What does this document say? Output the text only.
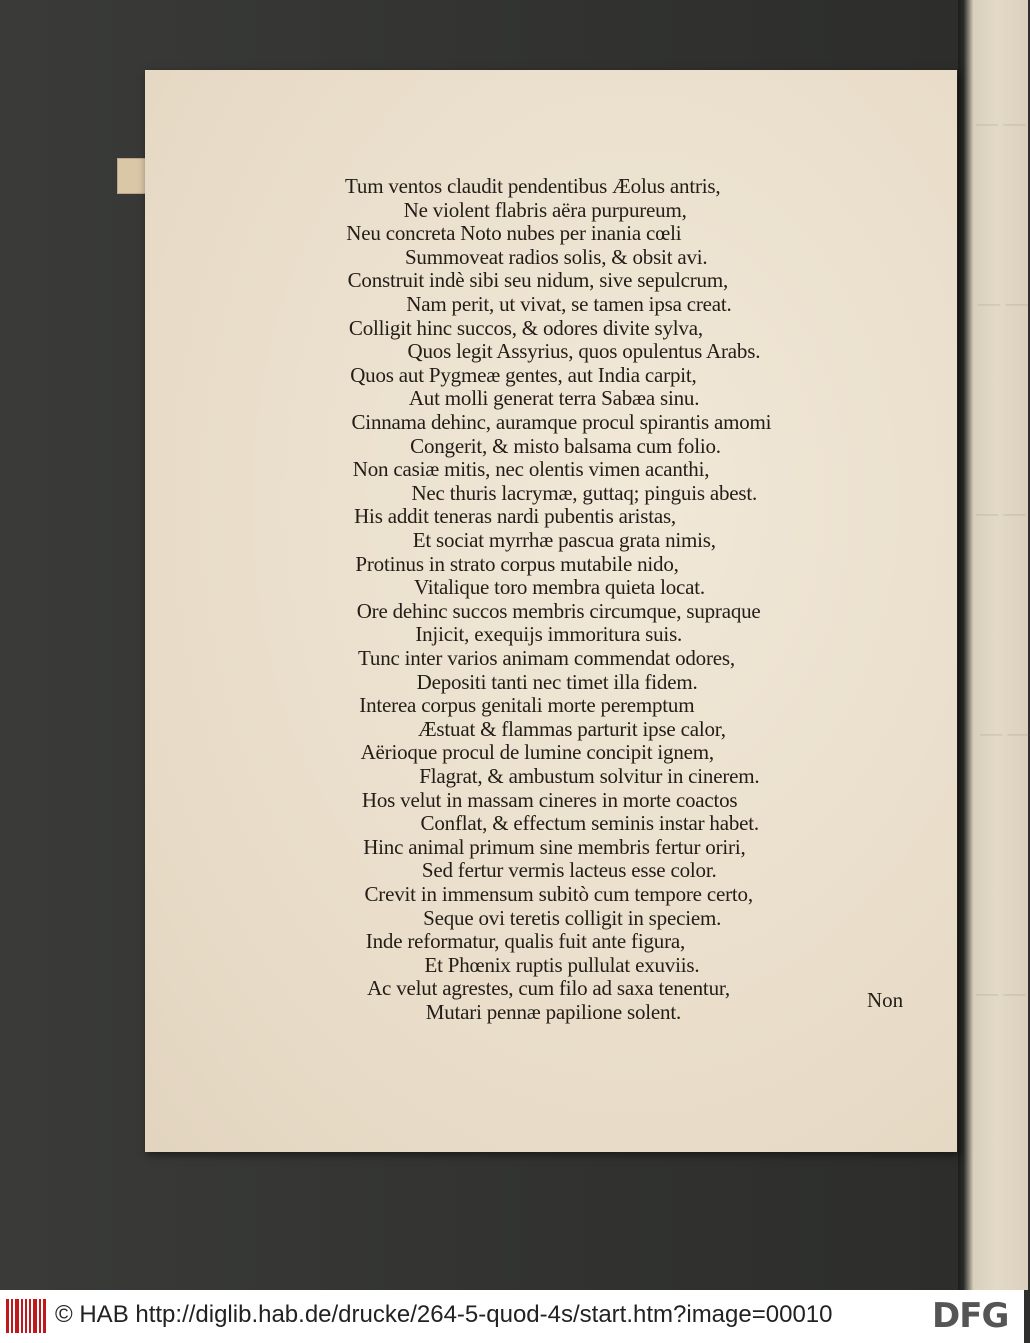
— —
— —
— —
— —
— —
Tum ventos claudit pendentibus Æolus antris,
Ne violent flabris aëra purpureum,
Neu concreta Noto nubes per inania cœli
Summoveat radios solis, & obsit avi.
Construit indè sibi seu nidum, sive sepulcrum,
Nam perit, ut vivat, se tamen ipsa creat.
Colligit hinc succos, & odores divite sylva,
Quos legit Assyrius, quos opulentus Arabs.
Quos aut Pygmeæ gentes, aut India carpit,
Aut molli generat terra Sabæa sinu.
Cinnama dehinc, auramque procul spirantis amomi
Congerit, & misto balsama cum folio.
Non casiæ mitis, nec olentis vimen acanthi,
Nec thuris lacrymæ, guttaq; pinguis abest.
His addit teneras nardi pubentis aristas,
Et sociat myrrhæ pascua grata nimis,
Protinus in strato corpus mutabile nido,
Vitalique toro membra quieta locat.
Ore dehinc succos membris circumque, supraque
Injicit, exequijs immoritura suis.
Tunc inter varios animam commendat odores,
Depositi tanti nec timet illa fidem.
Interea corpus genitali morte peremptum
Æstuat & flammas parturit ipse calor,
Aërioque procul de lumine concipit ignem,
Flagrat, & ambustum solvitur in cinerem.
Hos velut in massam cineres in morte coactos
Conflat, & effectum seminis instar habet.
Hinc animal primum sine membris fertur oriri,
Sed fertur vermis lacteus esse color.
Crevit in immensum subitò cum tempore certo,
Seque ovi teretis colligit in speciem.
Inde reformatur, qualis fuit ante figura,
Et Phœnix ruptis pullulat exuviis.
Ac velut agrestes, cum filo ad saxa tenentur,
Mutari pennæ papilione solent.	Non
© HAB http://diglib.hab.de/drucke/264-5-quod-4s/start.htm?image=00010	DFG
